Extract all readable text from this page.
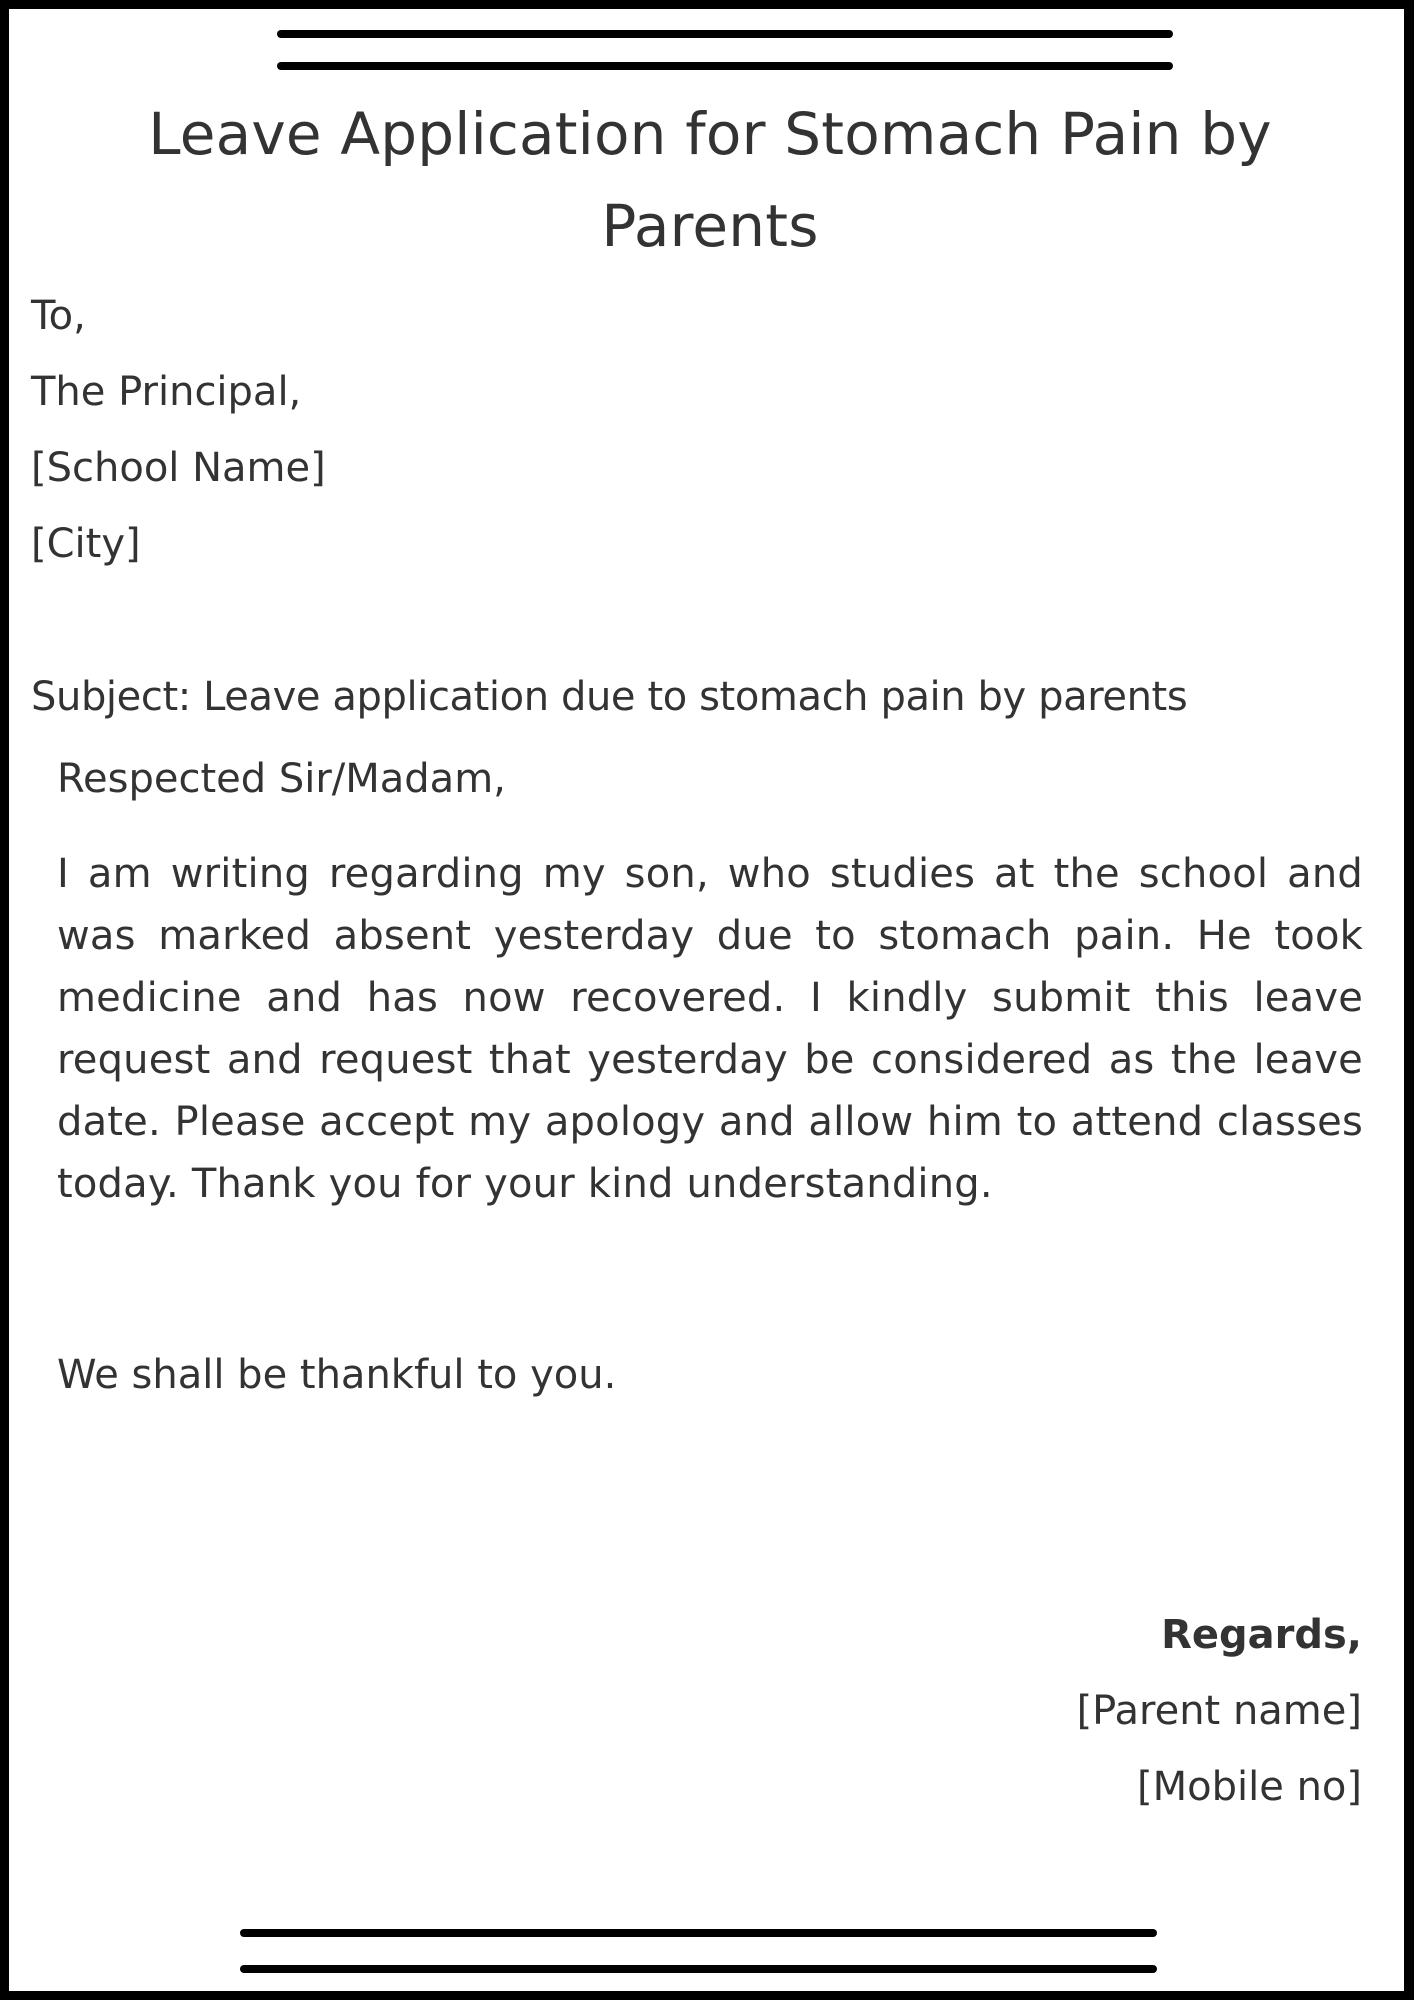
Leave Application for Stomach Pain by Parents
To,
The Principal,
[School Name]
[City]
Subject: Leave application due to stomach pain by parents
Respected Sir/Madam,
I am writing regarding my son, who studies at the school and was marked absent yesterday due to stomach pain. He took medicine and has now recovered. I kindly submit this leave request and request that yesterday be considered as the leave date. Please accept my apology and allow him to attend classes today. Thank you for your kind understanding.
We shall be thankful to you.
Regards,
[Parent name]
[Mobile no]
